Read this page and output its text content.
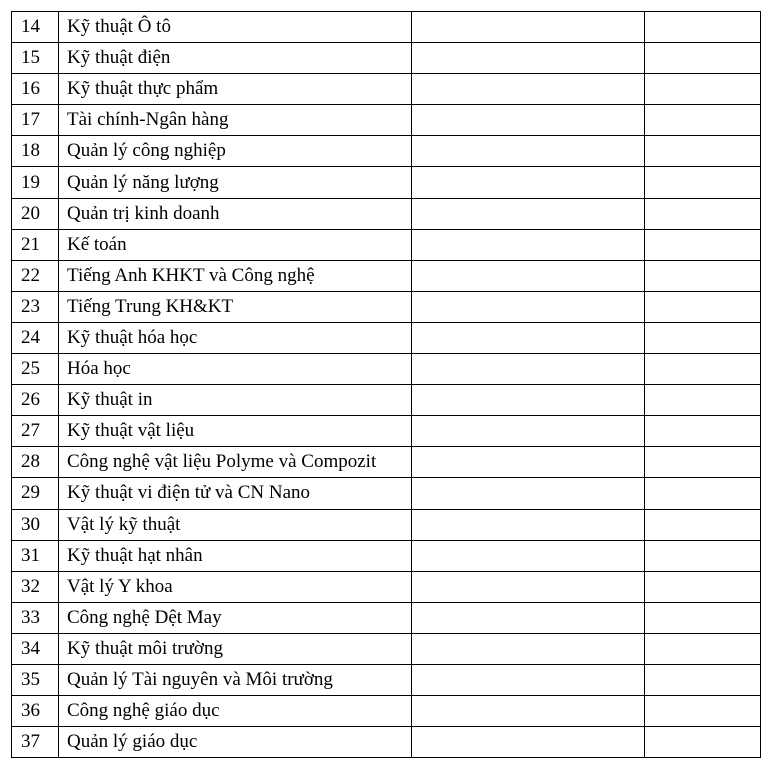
14	Kỹ thuật Ô tô		
15	Kỹ thuật điện		
16	Kỹ thuật thực phẩm		
17	Tài chính-Ngân hàng		
18	Quản lý công nghiệp		
19	Quản lý năng lượng		
20	Quản trị kinh doanh		
21	Kế toán		
22	Tiếng Anh KHKT và Công nghệ		
23	Tiếng Trung KH&KT		
24	Kỹ thuật hóa học		
25	Hóa học		
26	Kỹ thuật in		
27	Kỹ thuật vật liệu		
28	Công nghệ vật liệu Polyme và Compozit		
29	Kỹ thuật vi điện tử và CN Nano		
30	Vật lý kỹ thuật		
31	Kỹ thuật hạt nhân		
32	Vật lý Y khoa		
33	Công nghệ Dệt May		
34	Kỹ thuật môi trường		
35	Quản lý Tài nguyên và Môi trường		
36	Công nghệ giáo dục		
37	Quản lý giáo dục		
